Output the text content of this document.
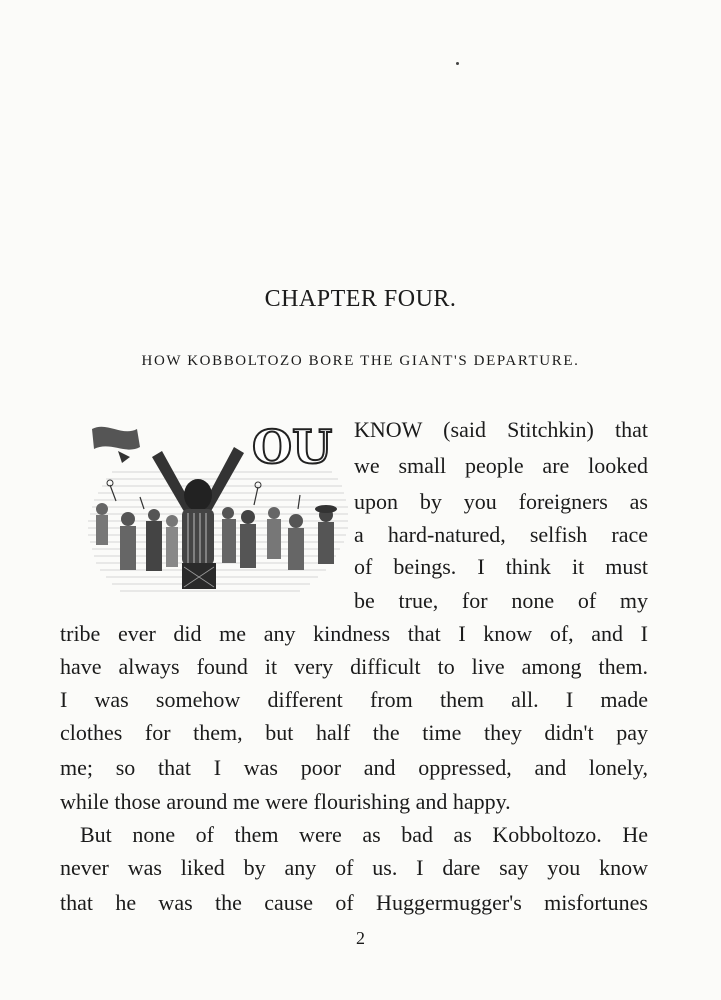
CHAPTER FOUR.
HOW KOBBOLTOZO BORE THE GIANT'S DEPARTURE.
OU KNOW (said Stitchkin) that
we small people are looked
upon by you foreigners as
a hard-natured, selfish race
of beings. I think it must
be true, for none of my
tribe ever did me any kindness that I know of, and I
have always found it very difficult to live among them.
I was somehow different from them all. I made
clothes for them, but half the time they didn't pay
me; so that I was poor and oppressed, and lonely,
while those around me were flourishing and happy.
But none of them were as bad as Kobboltozo. He
never was liked by any of us. I dare say you know
that he was the cause of Huggermugger's misfortunes
2
